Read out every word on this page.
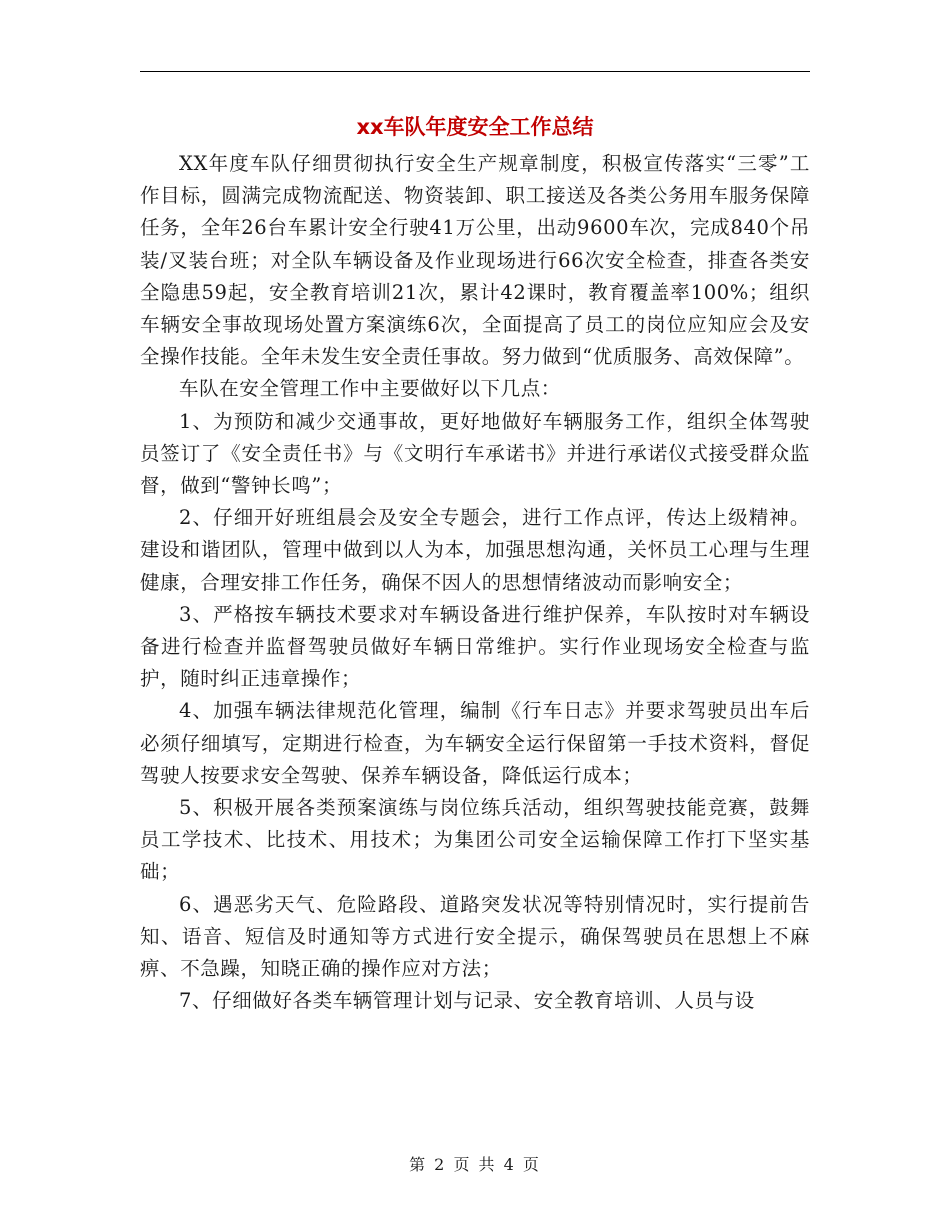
xx车队年度安全工作总结

XX年度车队仔细贯彻执行安全生产规章制度，积极宣传落实“三零”工作目标，圆满完成物流配送、物资装卸、职工接送及各类公务用车服务保障任务，全年26台车累计安全行驶41万公里，出动9600车次，完成840个吊装/叉装台班；对全队车辆设备及作业现场进行66次安全检查，排查各类安全隐患59起，安全教育培训21次，累计42课时，教育覆盖率100%；组织车辆安全事故现场处置方案演练6次，全面提高了员工的岗位应知应会及安全操作技能。全年未发生安全责任事故。努力做到“优质服务、高效保障”。

车队在安全管理工作中主要做好以下几点：

1、为预防和减少交通事故，更好地做好车辆服务工作，组织全体驾驶员签订了《安全责任书》与《文明行车承诺书》并进行承诺仪式接受群众监督，做到“警钟长鸣”；

2、仔细开好班组晨会及安全专题会，进行工作点评，传达上级精神。建设和谐团队，管理中做到以人为本，加强思想沟通，关怀员工心理与生理健康，合理安排工作任务，确保不因人的思想情绪波动而影响安全；

3、严格按车辆技术要求对车辆设备进行维护保养，车队按时对车辆设备进行检查并监督驾驶员做好车辆日常维护。实行作业现场安全检查与监护，随时纠正违章操作；

4、加强车辆法律规范化管理，编制《行车日志》并要求驾驶员出车后必须仔细填写，定期进行检查，为车辆安全运行保留第一手技术资料，督促驾驶人按要求安全驾驶、保养车辆设备，降低运行成本；

5、积极开展各类预案演练与岗位练兵活动，组织驾驶技能竞赛，鼓舞员工学技术、比技术、用技术；为集团公司安全运输保障工作打下坚实基础；

6、遇恶劣天气、危险路段、道路突发状况等特别情况时，实行提前告知、语音、短信及时通知等方式进行安全提示，确保驾驶员在思想上不麻痹、不急躁，知晓正确的操作应对方法；

7、仔细做好各类车辆管理计划与记录、安全教育培训、人员与设

第 2 页 共 4 页
